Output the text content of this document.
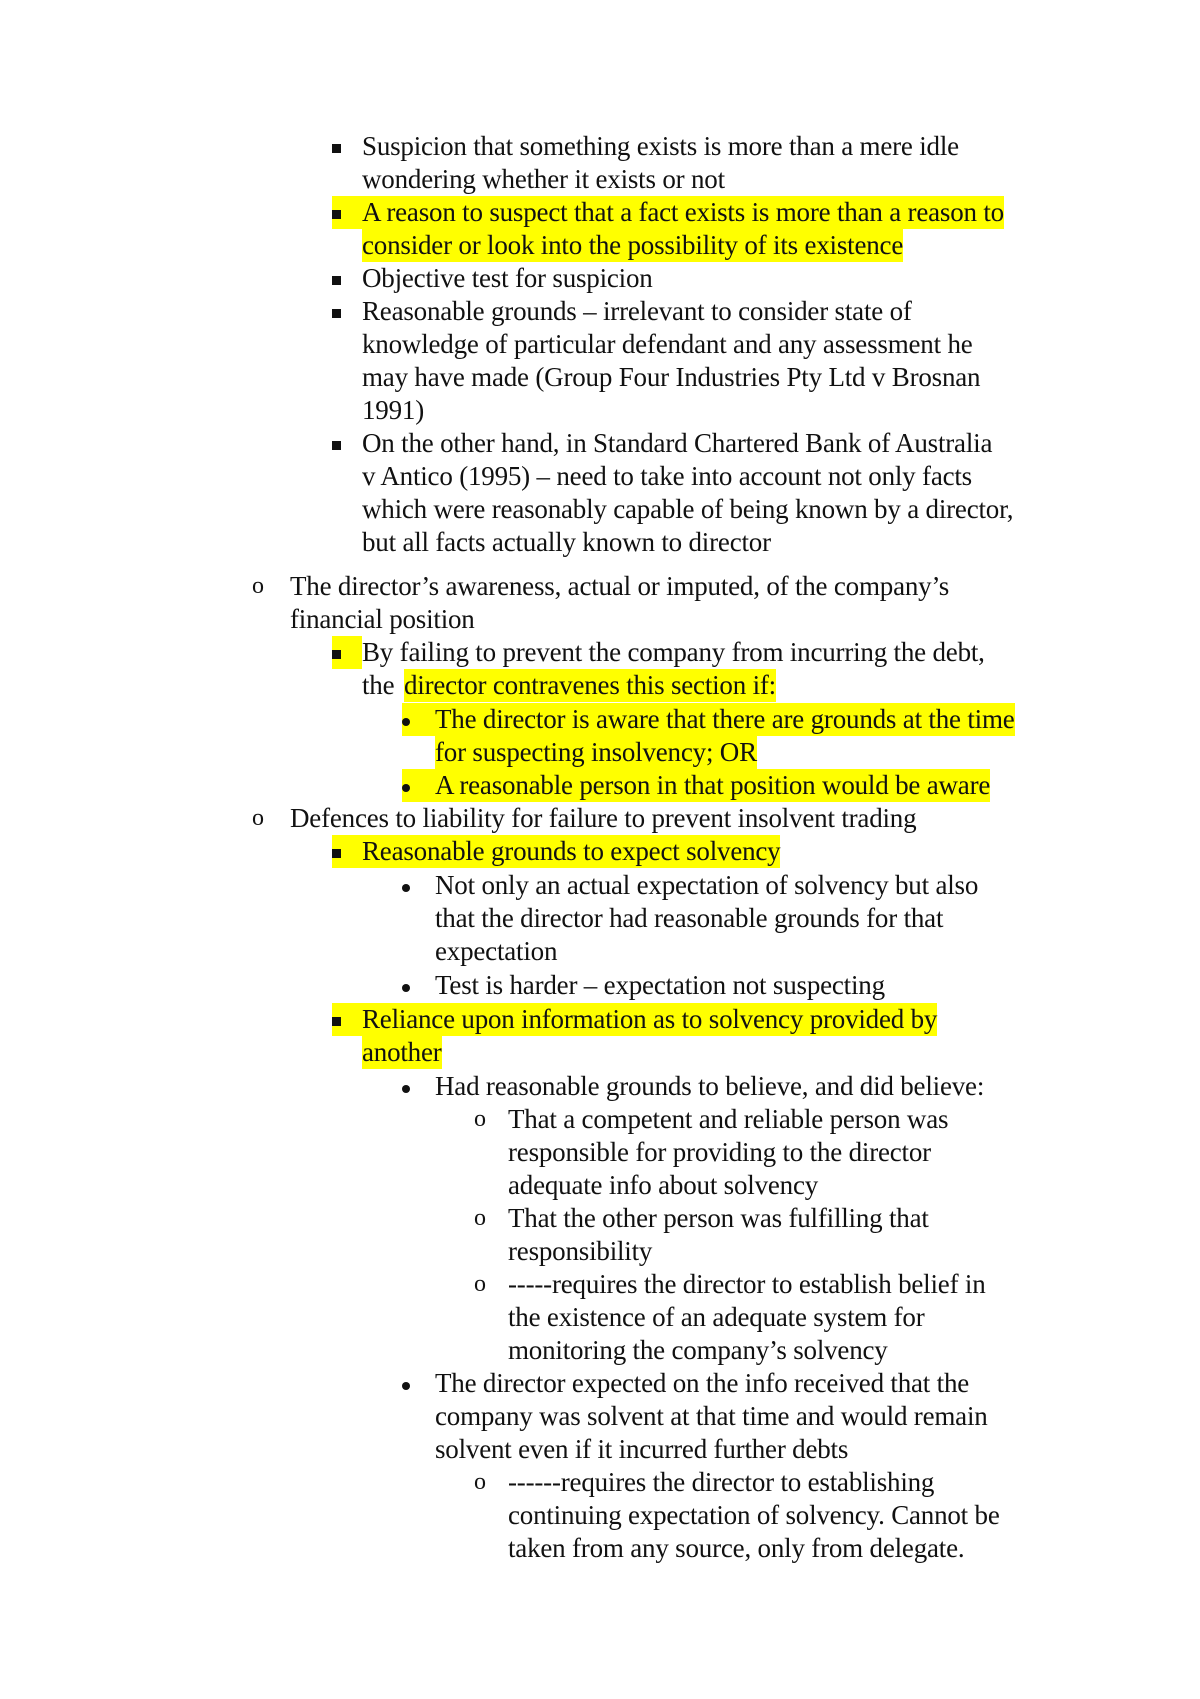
Suspicion that something exists is more than a mere idle
wondering whether it exists or not
A reason to suspect that a fact exists is more than a reason to
consider or look into the possibility of its existence
Objective test for suspicion
Reasonable grounds – irrelevant to consider state of
knowledge of particular defendant and any assessment he
may have made (Group Four Industries Pty Ltd v Brosnan
1991)
On the other hand, in Standard Chartered Bank of Australia
v Antico (1995) – need to take into account not only facts
which were reasonably capable of being known by a director,
but all facts actually known to director
o The director’s awareness, actual or imputed, of the company’s
financial position
By failing to prevent the company from incurring the debt,
the director contravenes this section if:
The director is aware that there are grounds at the time
for suspecting insolvency; OR
A reasonable person in that position would be aware
o Defences to liability for failure to prevent insolvent trading
Reasonable grounds to expect solvency
Not only an actual expectation of solvency but also
that the director had reasonable grounds for that
expectation
Test is harder – expectation not suspecting
Reliance upon information as to solvency provided by
another
Had reasonable grounds to believe, and did believe:
o That a competent and reliable person was
responsible for providing to the director
adequate info about solvency
o That the other person was fulfilling that
responsibility
o -----requires the director to establish belief in
the existence of an adequate system for
monitoring the company’s solvency
The director expected on the info received that the
company was solvent at that time and would remain
solvent even if it incurred further debts
o ------requires the director to establishing
continuing expectation of solvency. Cannot be
taken from any source, only from delegate.
